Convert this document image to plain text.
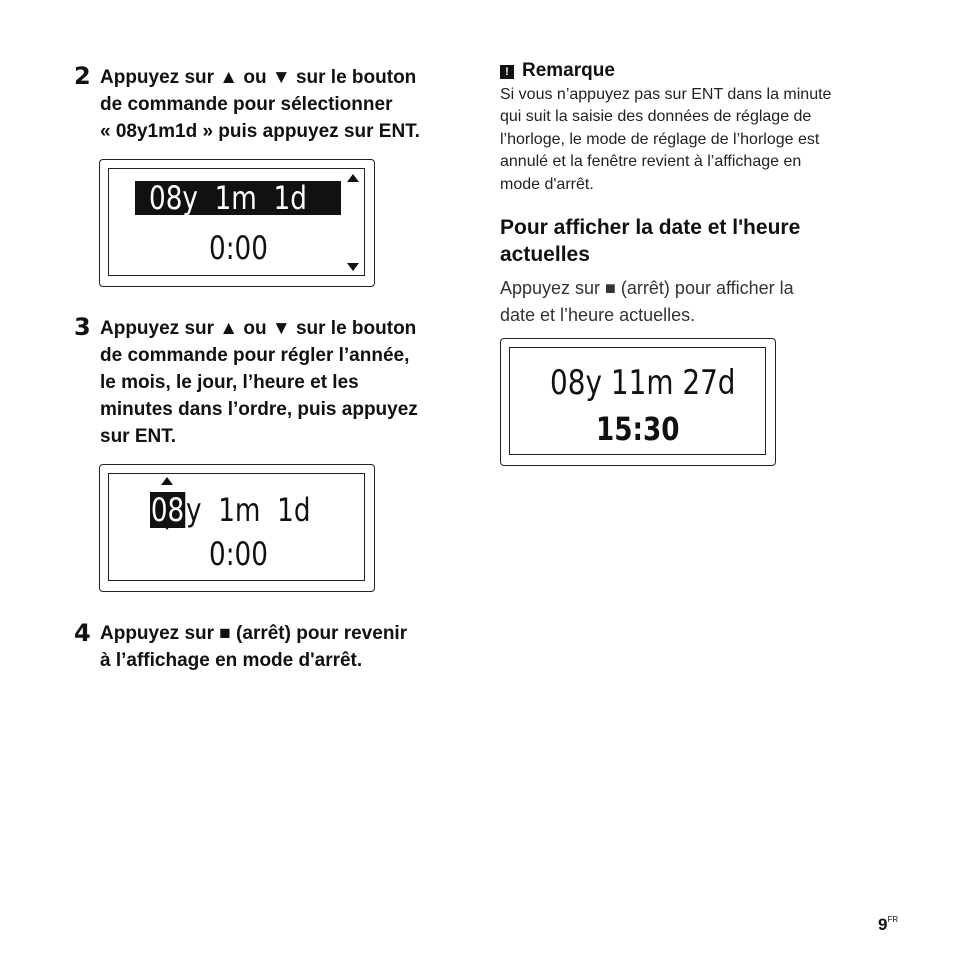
2 Appuyez sur ▲ ou ▼ sur le bouton
de commande pour sélectionner
« 08y1m1d » puis appuyez sur ENT.
08y  1m  1d
0:00
3 Appuyez sur ▲ ou ▼ sur le bouton
de commande pour régler l’année,
le mois, le jour, l’heure et les
minutes dans l’ordre, puis appuyez
sur ENT.
08 y  1m  1d
0:00
4 Appuyez sur ■ (arrêt) pour revenir
à l’affichage en mode d'arrêt.
! Remarque
Si vous n’appuyez pas sur ENT dans la minute
qui suit la saisie des données de réglage de
l’horloge, le mode de réglage de l’horloge est
annulé et la fenêtre revient à l’affichage en
mode d'arrêt.
Pour afficher la date et l'heure
actuelles
Appuyez sur ■ (arrêt) pour afficher la
date et l’heure actuelles.
08y 11m 27d
15:30
$9^{FR}$
